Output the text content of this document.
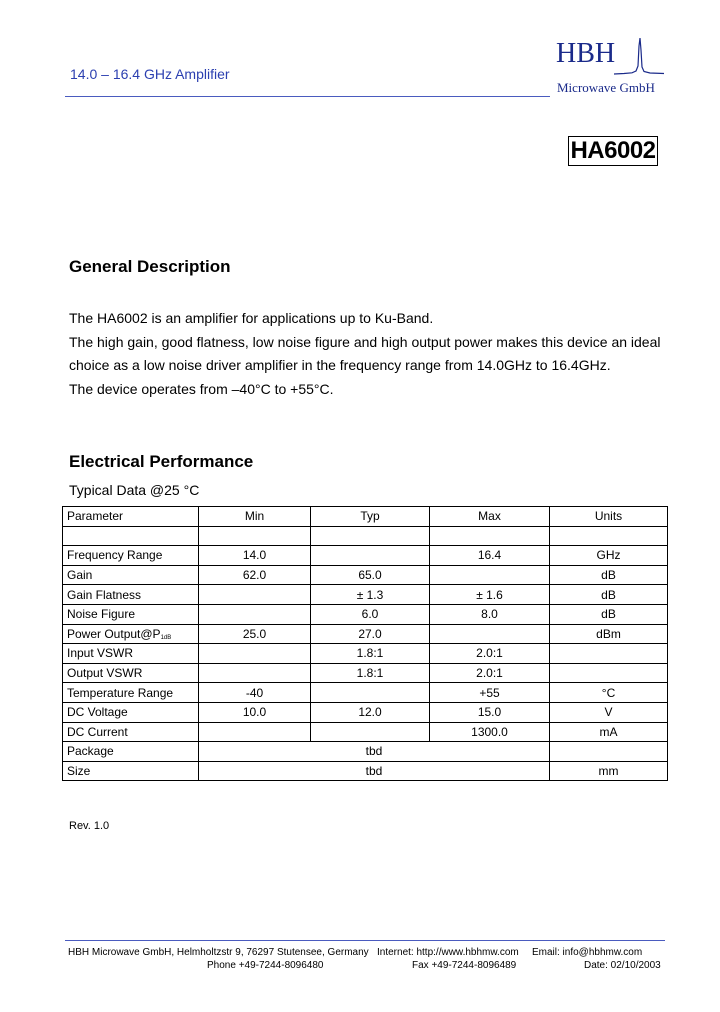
14.0 – 16.4 GHz Amplifier
HBH
Microwave GmbH
HA6002
General Description
The HA6002 is an amplifier for applications up to Ku-Band.
The high gain, good flatness, low noise figure and high output power makes this device an ideal
choice as a low noise driver amplifier in the frequency range from 14.0GHz to 16.4GHz.
The device operates from –40°C to +55°C.
Electrical Performance
Typical Data @25 °C
Parameter	Min	Typ	Max	Units

Frequency Range	14.0		16.4	GHz
Gain	62.0	65.0		dB
Gain Flatness		± 1.3	± 1.6	dB
Noise Figure		6.0	8.0	dB
Power $Output@P_{1dB}$	25.0	27.0		dBm
Input VSWR		1.8:1	2.0:1	
Output VSWR		1.8:1	2.0:1	
Temperature Range	-40		+55	°C
DC Voltage	10.0	12.0	15.0	V
DC Current			1300.0	mA
Package	tbd			
Size	tbd			mm
Rev. 1.0
HBH Microwave GmbH, Helmholtzstr 9, 76297 Stutensee, Germany Internet: http://www.hbhmw.com Email: info@hbhmw.com
Phone +49-7244-8096480	Fax +49-7244-8096489	Date: 02/10/2003
